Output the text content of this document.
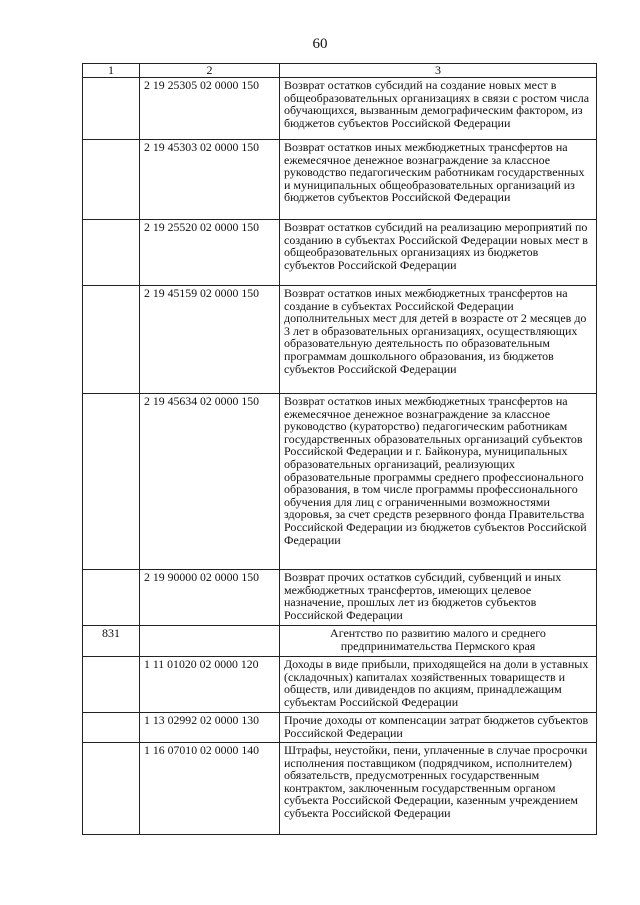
60
1	2	3
	2 19 25305 02 0000 150	Возврат остатков субсидий на создание новых мест в общеобразовательных организациях в связи с ростом числа обучающихся, вызванным демографическим фактором, из бюджетов субъектов Российской Федерации
	2 19 45303 02 0000 150	Возврат остатков иных межбюджетных трансфертов на ежемесячное денежное вознаграждение за классное руководство педагогическим работникам государственных и муниципальных общеобразовательных организаций из бюджетов субъектов Российской Федерации
	2 19 25520 02 0000 150	Возврат остатков субсидий на реализацию мероприятий по созданию в субъектах Российской Федерации новых мест в общеобразовательных организациях из бюджетов субъектов Российской Федерации
	2 19 45159 02 0000 150	Возврат остатков иных межбюджетных трансфертов на создание в субъектах Российской Федерации дополнительных мест для детей в возрасте от 2 месяцев до 3 лет в образовательных организациях, осуществляющих образовательную деятельность по образовательным программам дошкольного образования, из бюджетов субъектов Российской Федерации
	2 19 45634 02 0000 150	Возврат остатков иных межбюджетных трансфертов на ежемесячное денежное вознаграждение за классное руководство (кураторство) педагогическим работникам государственных образовательных организаций субъектов Российской Федерации и г. Байконура, муниципальных образовательных организаций, реализующих образовательные программы среднего профессионального образования, в том числе программы профессионального обучения для лиц с ограниченными возможностями здоровья, за счет средств резервного фонда Правительства Российской Федерации из бюджетов субъектов Российской Федерации
	2 19 90000 02 0000 150	Возврат прочих остатков субсидий, субвенций и иных межбюджетных трансфертов, имеющих целевое назначение, прошлых лет из бюджетов субъектов Российской Федерации
831		Агентство по развитию малого и среднего предпринимательства Пермского края
	1 11 01020 02 0000 120	Доходы в виде прибыли, приходящейся на доли в уставных (складочных) капиталах хозяйственных товариществ и обществ, или дивидендов по акциям, принадлежащим субъектам Российской Федерации
	1 13 02992 02 0000 130	Прочие доходы от компенсации затрат бюджетов субъектов Российской Федерации
	1 16 07010 02 0000 140	Штрафы, неустойки, пени, уплаченные в случае просрочки исполнения поставщиком (подрядчиком, исполнителем) обязательств, предусмотренных государственным контрактом, заключенным государственным органом субъекта Российской Федерации, казенным учреждением субъекта Российской Федерации
